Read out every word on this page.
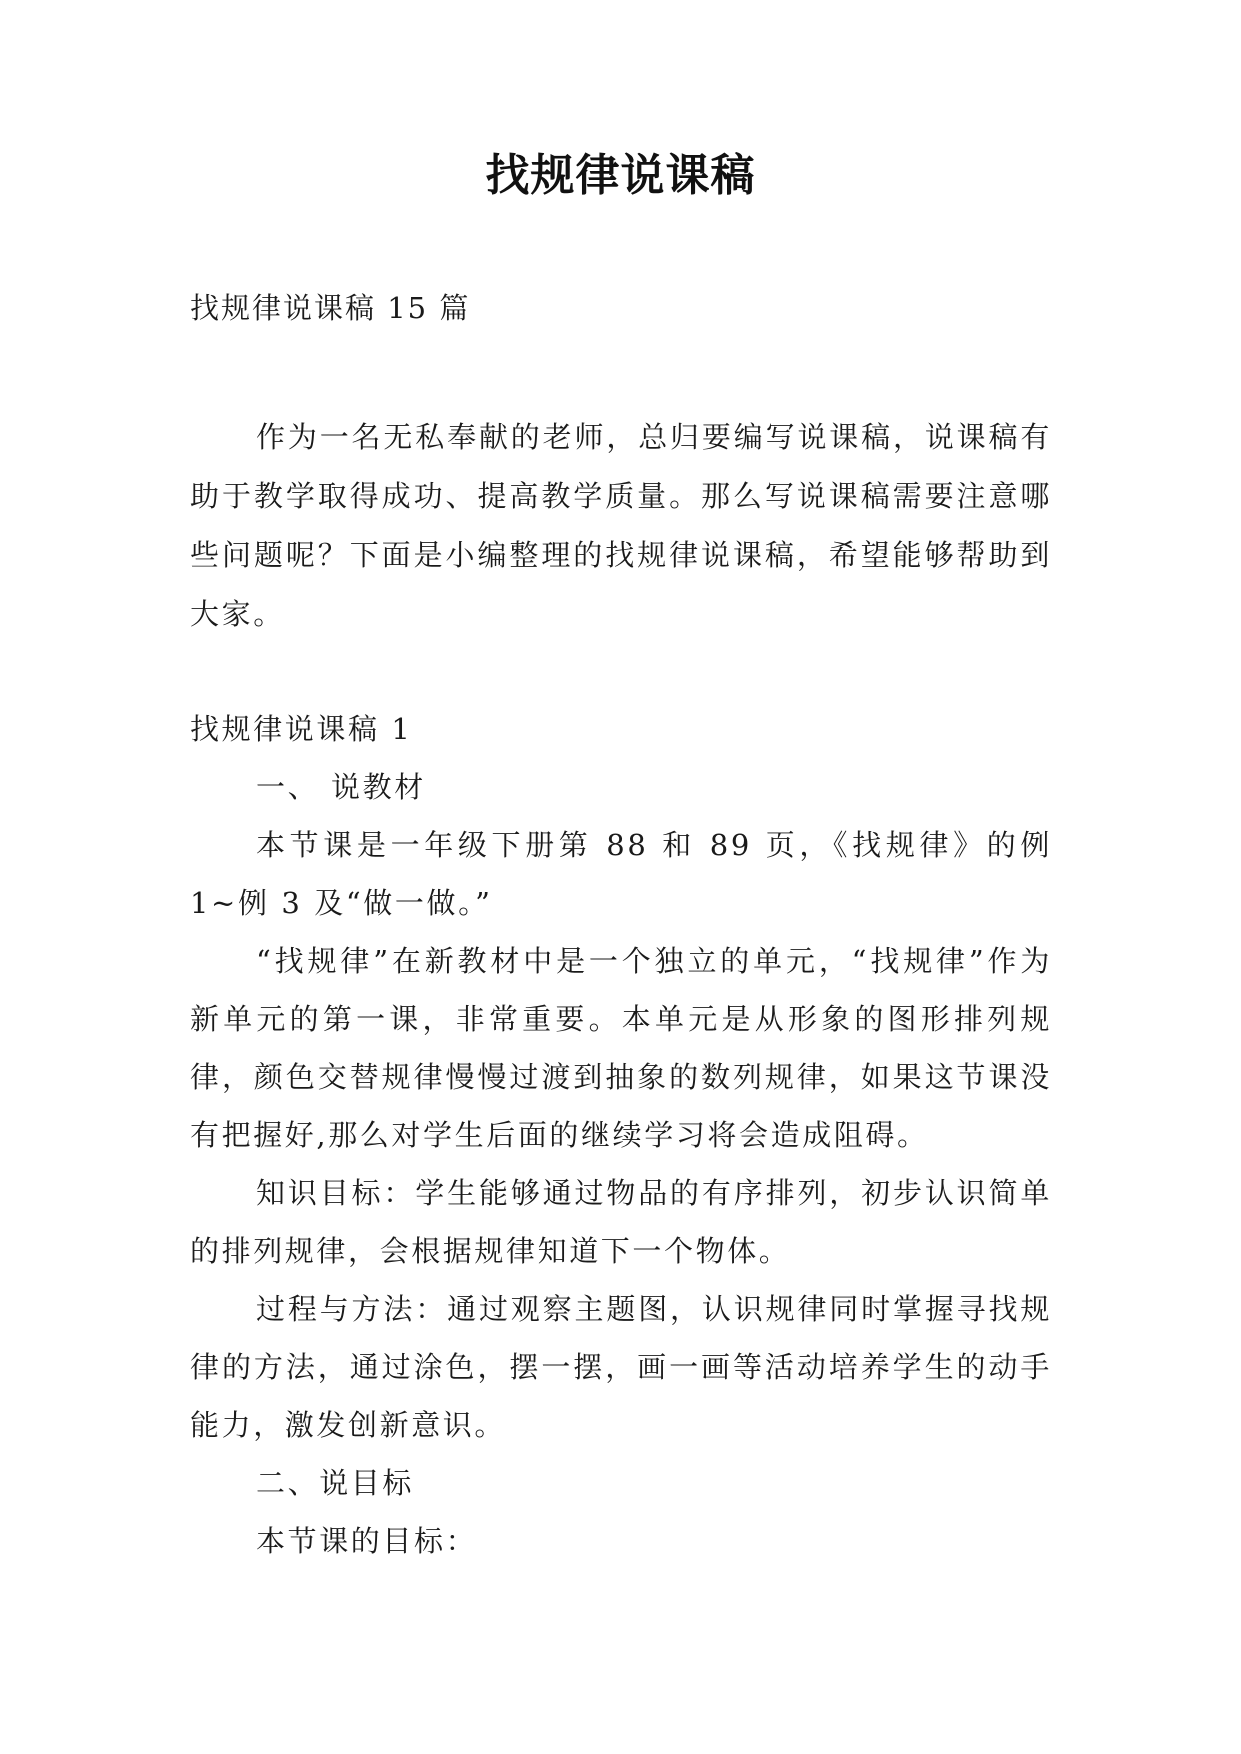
找规律说课稿
找规律说课稿 15 篇
作为一名无私奉献的老师，总归要编写说课稿，说课稿有助于教学取得成功、提高教学质量。那么写说课稿需要注意哪些问题呢？下面是小编整理的找规律说课稿，希望能够帮助到大家。

找规律说课稿 1

一、 说教材

本节课是一年级下册第 88 和 89 页，《找规律》的例 1~例 3 及“做一做。”

“找规律”在新教材中是一个独立的单元，“找规律”作为新单元的第一课，非常重要。本单元是从形象的图形排列规律，颜色交替规律慢慢过渡到抽象的数列规律，如果这节课没有把握好,那么对学生后面的继续学习将会造成阻碍。

知识目标：学生能够通过物品的有序排列，初步认识简单的排列规律，会根据规律知道下一个物体。

过程与方法：通过观察主题图，认识规律同时掌握寻找规律的方法，通过涂色，摆一摆，画一画等活动培养学生的动手能力，激发创新意识。

二、说目标

本节课的目标：
